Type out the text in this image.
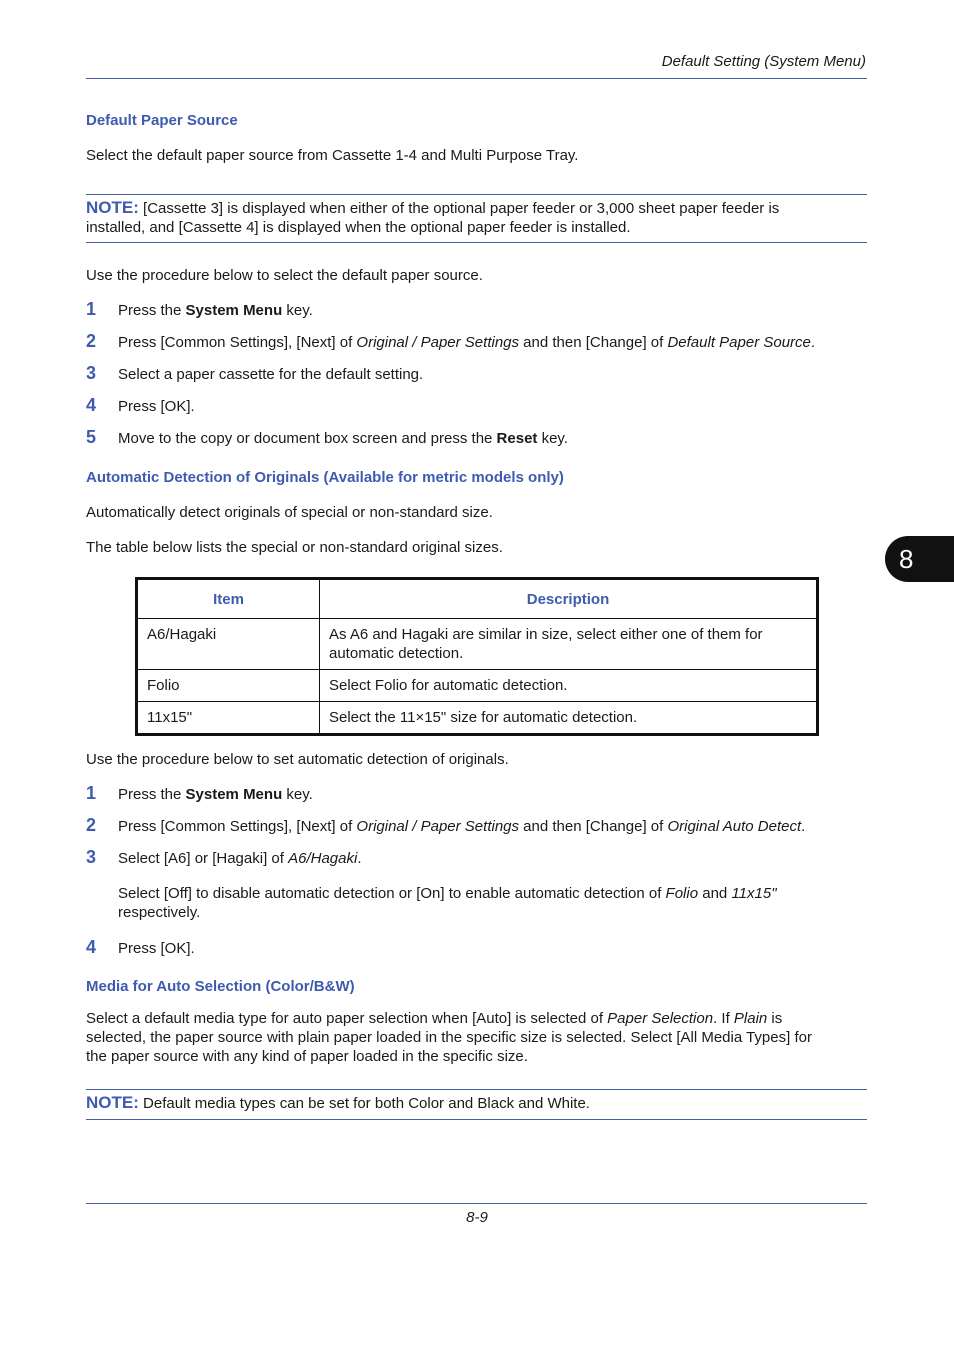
Default Setting (System Menu)
Default Paper Source
Select the default paper source from Cassette 1-4 and Multi Purpose Tray.
NOTE: [Cassette 3] is displayed when either of the optional paper feeder or 3,000 sheet paper feeder is
installed, and [Cassette 4] is displayed when the optional paper feeder is installed.
Use the procedure below to select the default paper source.
1 Press the System Menu key.
2 Press [Common Settings], [Next] of Original / Paper Settings and then [Change] of Default Paper Source.
3 Select a paper cassette for the default setting.
4 Press [OK].
5 Move to the copy or document box screen and press the Reset key.
Automatic Detection of Originals (Available for metric models only)
Automatically detect originals of special or non-standard size.
The table below lists the special or non-standard original sizes.
Item	Description
A6/Hagaki	As A6 and Hagaki are similar in size, select either one of them for
automatic detection.
Folio	Select Folio for automatic detection.
11x15"	Select the 11×15" size for automatic detection.
Use the procedure below to set automatic detection of originals.
1 Press the System Menu key.
2 Press [Common Settings], [Next] of Original / Paper Settings and then [Change] of Original Auto Detect.
3 Select [A6] or [Hagaki] of A6/Hagaki.
Select [Off] to disable automatic detection or [On] to enable automatic detection of Folio and 11x15"
respectively.
4 Press [OK].
Media for Auto Selection (Color/B&W)
Select a default media type for auto paper selection when [Auto] is selected of Paper Selection. If Plain is
selected, the paper source with plain paper loaded in the specific size is selected. Select [All Media Types] for
the paper source with any kind of paper loaded in the specific size.
NOTE: Default media types can be set for both Color and Black and White.
8
8-9
